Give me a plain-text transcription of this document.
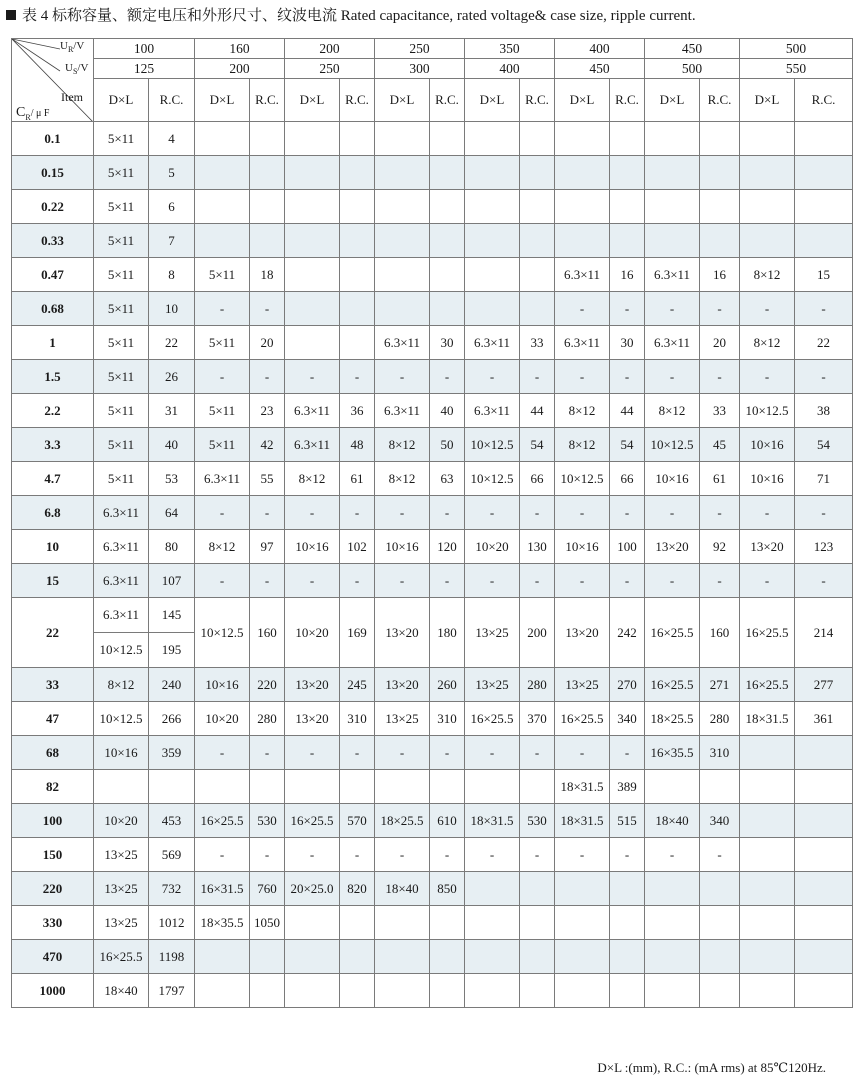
表 4 标称容量、额定电压和外形尺寸、纹波电流 Rated capacitance, rated voltage& case size, ripple current.
$U_R/V$
$U_S/V$
Item
$C_R/$ μ F	100		160		200		250		350		400		450		500	
	125		200		250		300		400		450		500		550	
	D×L	R.C.	D×L	R.C.	D×L	R.C.	D×L	R.C.	D×L	R.C.	D×L	R.C.	D×L	R.C.	D×L	R.C.
0.1	5×11	4														
0.15	5×11	5														
0.22	5×11	6														
0.33	5×11	7														
0.47	5×11	8	5×11	18							6.3×11	16	6.3×11	16	8×12	15
0.68	5×11	10	-	-							-	-	-	-	-	-
1	5×11	22	5×11	20			6.3×11	30	6.3×11	33	6.3×11	30	6.3×11	20	8×12	22
1.5	5×11	26	-	-	-	-	-	-	-	-	-	-	-	-	-	-
2.2	5×11	31	5×11	23	6.3×11	36	6.3×11	40	6.3×11	44	8×12	44	8×12	33	10×12.5	38
3.3	5×11	40	5×11	42	6.3×11	48	8×12	50	10×12.5	54	8×12	54	10×12.5	45	10×16	54
4.7	5×11	53	6.3×11	55	8×12	61	8×12	63	10×12.5	66	10×12.5	66	10×16	61	10×16	71
6.8	6.3×11	64	-	-	-	-	-	-	-	-	-	-	-	-	-	-
10	6.3×11	80	8×12	97	10×16	102	10×16	120	10×20	130	10×16	100	13×20	92	13×20	123
15	6.3×11	107	-	-	-	-	-	-	-	-	-	-	-	-	-	-
22	6.3×11	145	10×12.5	160	10×20	169	13×20	180	13×25	200	13×20	242	16×25.5	160	16×25.5	214
	10×12.5	195														
33	8×12	240	10×16	220	13×20	245	13×20	260	13×25	280	13×25	270	16×25.5	271	16×25.5	277
47	10×12.5	266	10×20	280	13×20	310	13×25	310	16×25.5	370	16×25.5	340	18×25.5	280	18×31.5	361
68	10×16	359	-	-	-	-	-	-	-	-	-	-	16×35.5	310		
82											18×31.5	389				
100	10×20	453	16×25.5	530	16×25.5	570	18×25.5	610	18×31.5	530	18×31.5	515	18×40	340		
150	13×25	569	-	-	-	-	-	-	-	-	-	-	-	-		
220	13×25	732	16×31.5	760	20×25.0	820	18×40	850								
330	13×25	1012	18×35.5	1050												
470	16×25.5	1198														
1000	18×40	1797														
D×L :(mm), R.C.: (mA rms) at 85℃120Hz.
